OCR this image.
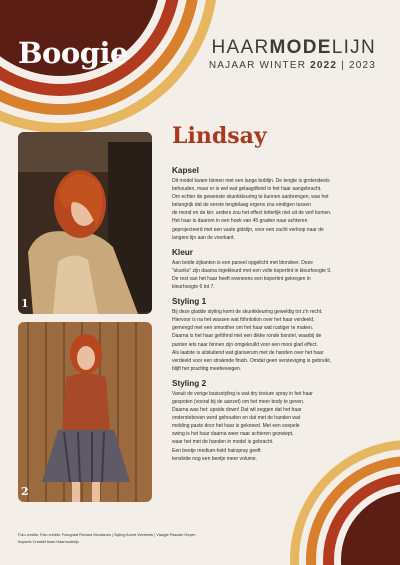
Boogie	HAARMODELIJN
NAJAAR WINTER 2022 | 2023
1
2
Lindsay
Kapsel

Dit model kwam binnen met een lange boblijn. De lengte is grotendeels
behouden, maar er is wel wat gelaagdheid in het haar aangebracht.
Om echter de gewenste skunkkleuring te kunnen aanbrengen, was het
belangrijk dat de eerste lengtelaag ergens zou eindigen tussen
de mond en de kin: anders zou het effect letterlijk niet uit de verf komen.
Het haar is daarom in een hoek van 45 graden naar achteren
geprojecteerd met een vaste gidslijn, voor een zacht verloop naar de
langere lijn aan de voorkant.

Kleur

Aan beide zijkanten is een paneel opgelicht met blondeer. Deze
"skunks" zijn daarna ingekleurd met een volle kopertint in kleurhoogte 9.
De rest van het haar heeft eveneens een kopertint gekregen in
kleurhoogte 6 tot 7.

Styling 1

Bij deze gladde styling komt de skunkkleuring geweldig tot z'n recht.
Hiervoor is na het wassen wat föhnlotion over het haar verdeeld,
gemengd met een smoother om het haar wat rustiger te maken.
Daarna is het haar geföhnd met een dikke ronde borstel, waarbij de
punten iets naar binnen zijn omgekrulld voor een mooi glad effect.
Als laatste is uitsluitend wat glanserum met de handen over het haar
verdeeld voor een stralende finish. Omdat geen versteviging is gebruikt,
blijft het prachtig meebewegen.

Styling 2

Vanuit de vorige basisstyling is wat dry texture spray in het haar
gespoten (vooral bij de aanzet) om het meer body te geven.
Daarna was het: upside down! Dat wil zeggen dat het haar
ondersteboven werd gehouden en dat met de handen wat
molding paste door het haar is gekneed. Met een soepele
swing is het haar daarna weer naar achteren gezwiept,
waar het met de handen in model is gebracht.
Een beetje medium-hold hairspray geeft
tenslotte nog een beetje meer volume.

Foto credits: Foto credits: Fotograaf Richard Monsieurs | Styling Annet Veerbeek | Visagie Pascale Oeyen
Kapsels Creatief team Haarmodelijn
